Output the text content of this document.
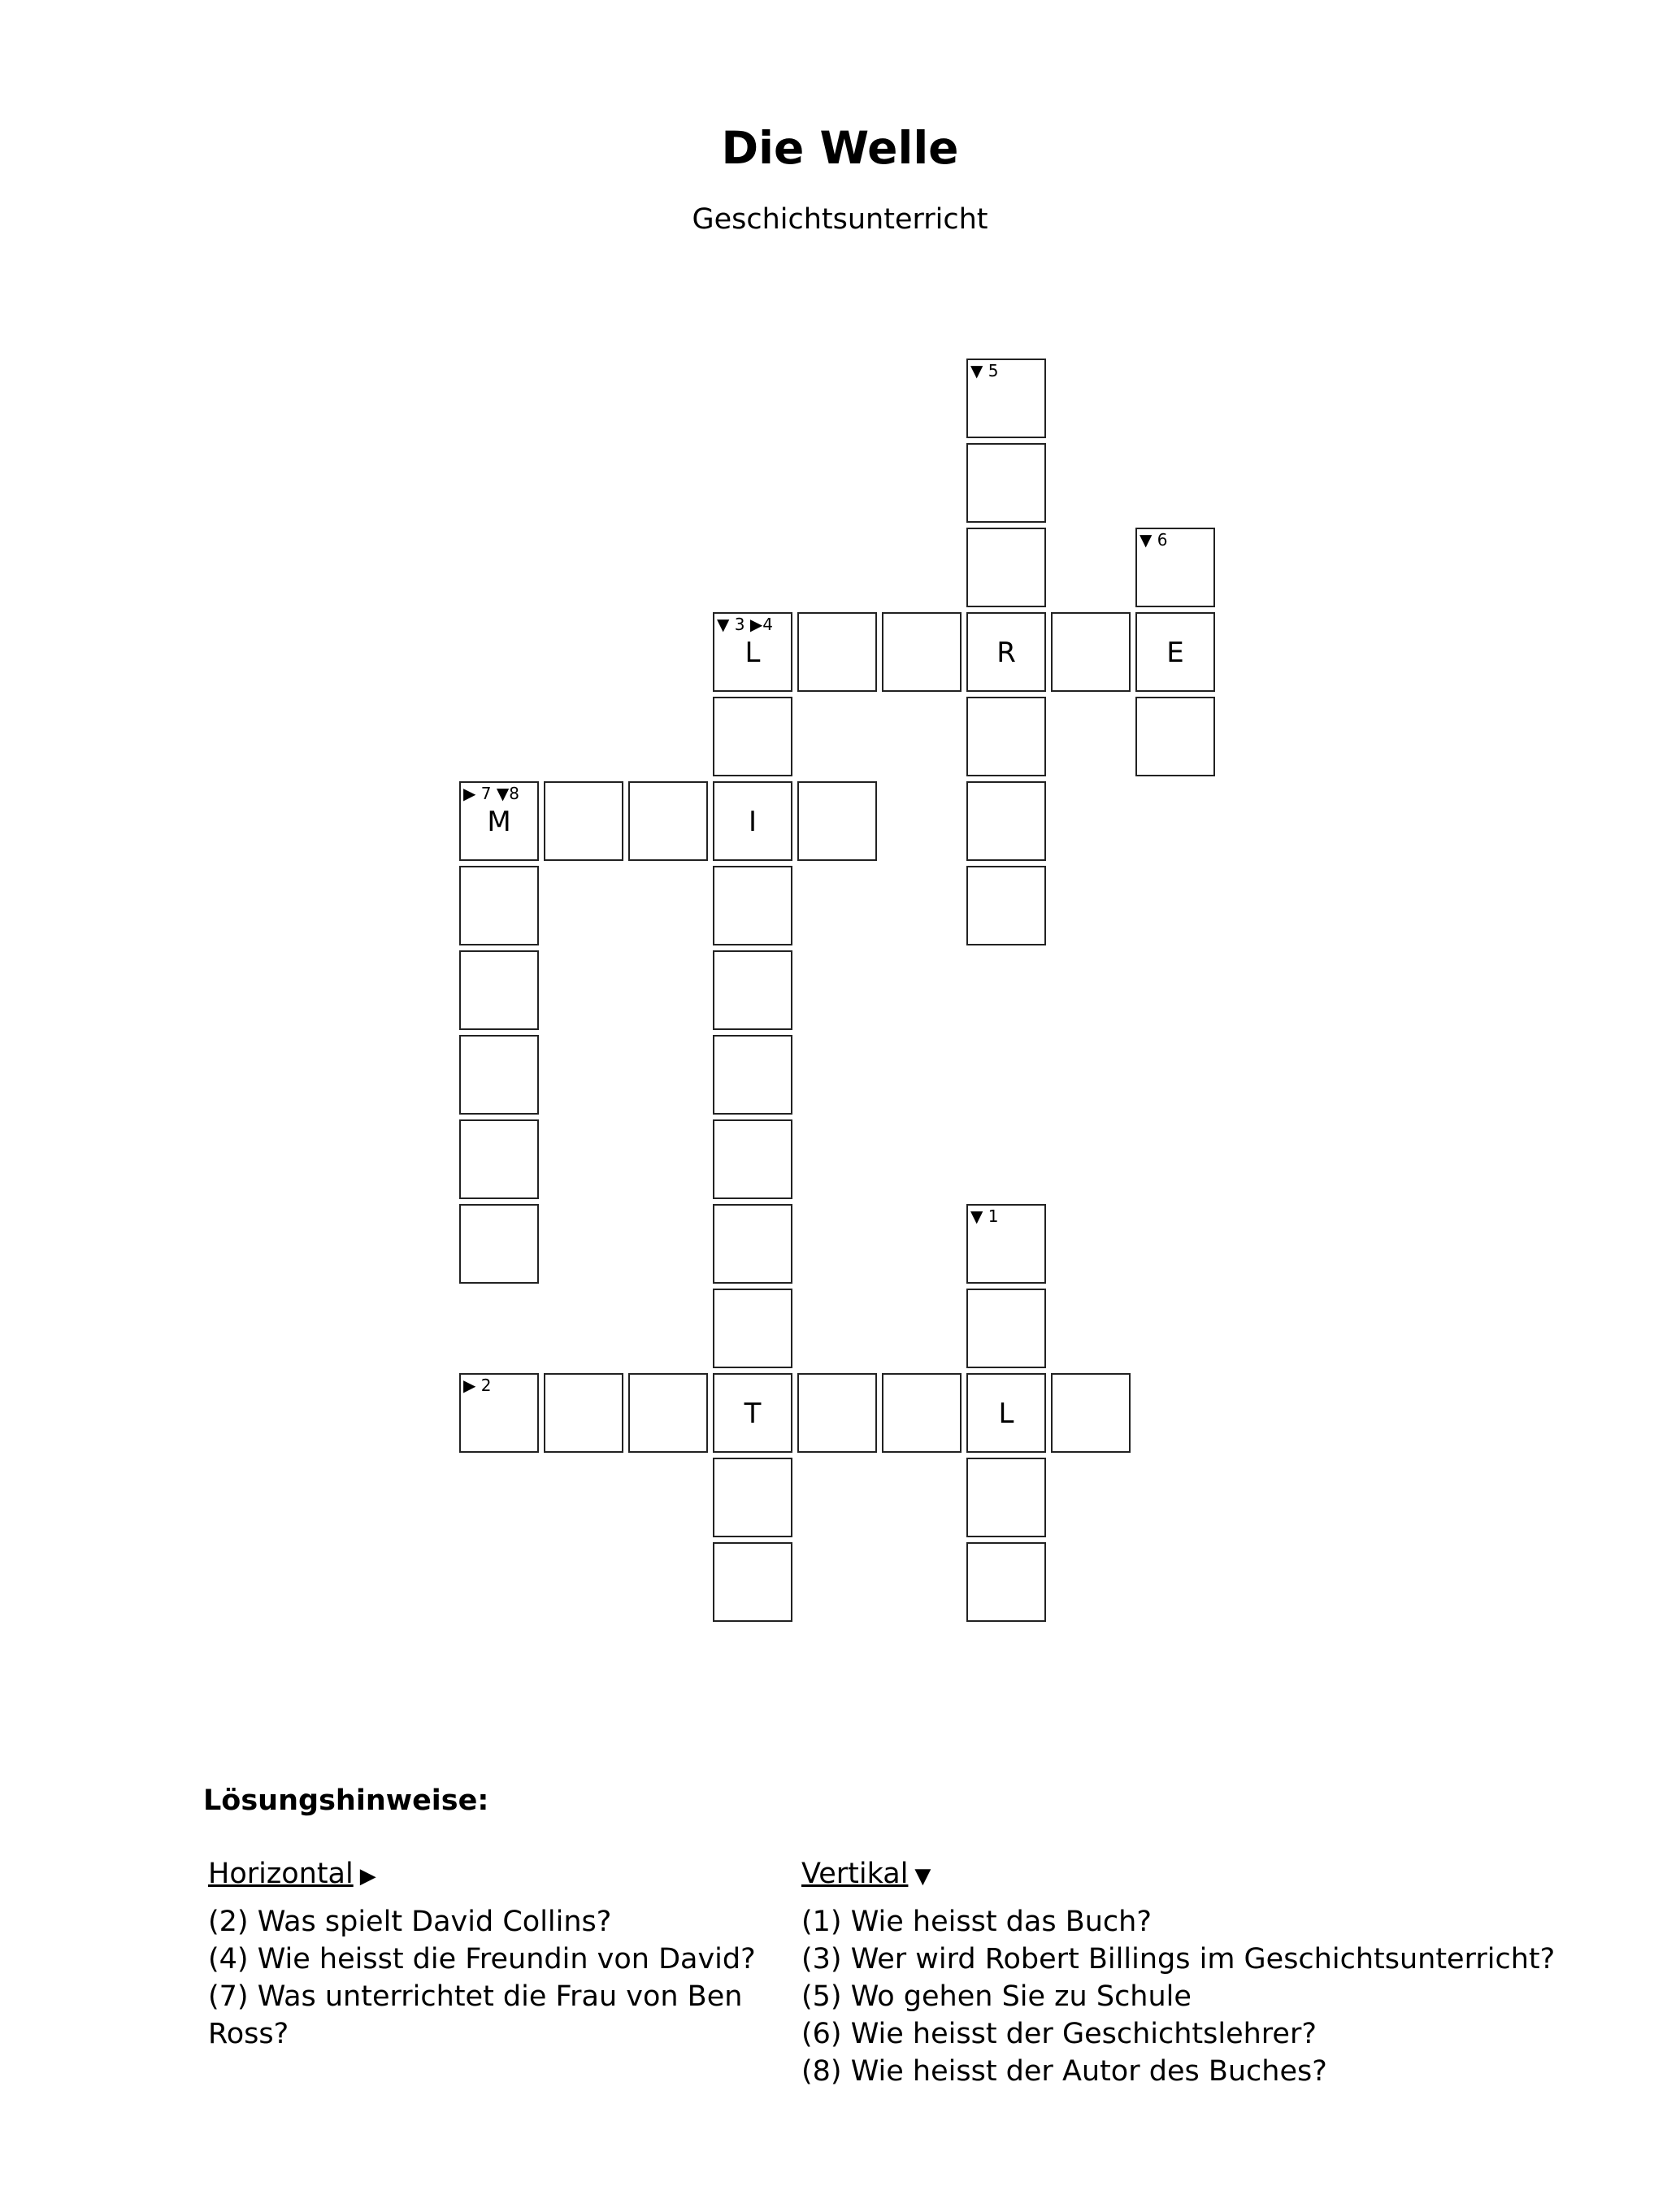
Die Welle
Geschichtsunterricht
▼ 5
▼ 6
▼ 3 ▶4
L	R	E
▶ 7 ▼8
M	I
▼ 1
▶ 2
T	L
Lösungshinweise:
Horizontal ▶

(2) Was spielt David Collins?

(4) Wie heisst die Freundin von David?

(7) Was unterrichtet die Frau von Ben Ross?

Vertikal ▼

(1) Wie heisst das Buch?

(3) Wer wird Robert Billings im Geschichtsunterricht?

(5) Wo gehen Sie zu Schule

(6) Wie heisst der Geschichtslehrer?

(8) Wie heisst der Autor des Buches?
